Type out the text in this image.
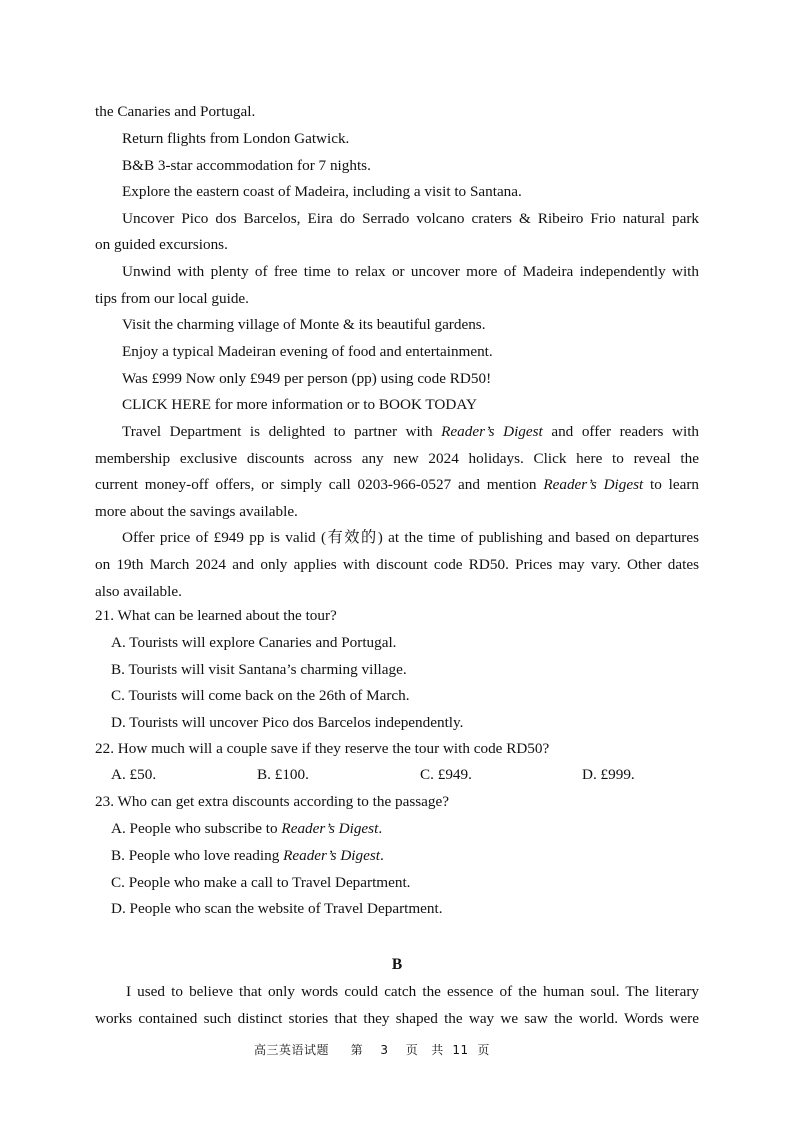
the Canaries and Portugal.
Return flights from London Gatwick.
B&B 3-star accommodation for 7 nights.
Explore the eastern coast of Madeira, including a visit to Santana.
Uncover Pico dos Barcelos, Eira do Serrado volcano craters & Ribeiro Frio natural park
on guided excursions.
Unwind with plenty of free time to relax or uncover more of Madeira independently with
tips from our local guide.
Visit the charming village of Monte & its beautiful gardens.
Enjoy a typical Madeiran evening of food and entertainment.
Was £999 Now only £949 per person (pp) using code RD50!
CLICK HERE for more information or to BOOK TODAY
Travel Department is delighted to partner with Reader’s Digest and offer readers with
membership exclusive discounts across any new 2024 holidays. Click here to reveal the
current money-off offers, or simply call 0203-966-0527 and mention Reader’s Digest to learn
more about the savings available.
Offer price of £949 pp is valid (有效的) at the time of publishing and based on departures
on 19th March 2024 and only applies with discount code RD50. Prices may vary. Other dates
also available.
21. What can be learned about the tour?
A. Tourists will explore Canaries and Portugal.
B. Tourists will visit Santana’s charming village.
C. Tourists will come back on the 26th of March.
D. Tourists will uncover Pico dos Barcelos independently.
22. How much will a couple save if they reserve the tour with code RD50?
A. £50.	B. £100.	C. £949.	D. £999.
23. Who can get extra discounts according to the passage?
A. People who subscribe to Reader’s Digest.
B. People who love reading Reader’s Digest.
C. People who make a call to Travel Department.
D. People who scan the website of Travel Department.
B
I used to believe that only words could catch the essence of the human soul. The literary
works contained such distinct stories that they shaped the way we saw the world. Words were
高三英语试题 第 3 页 共 11 页
